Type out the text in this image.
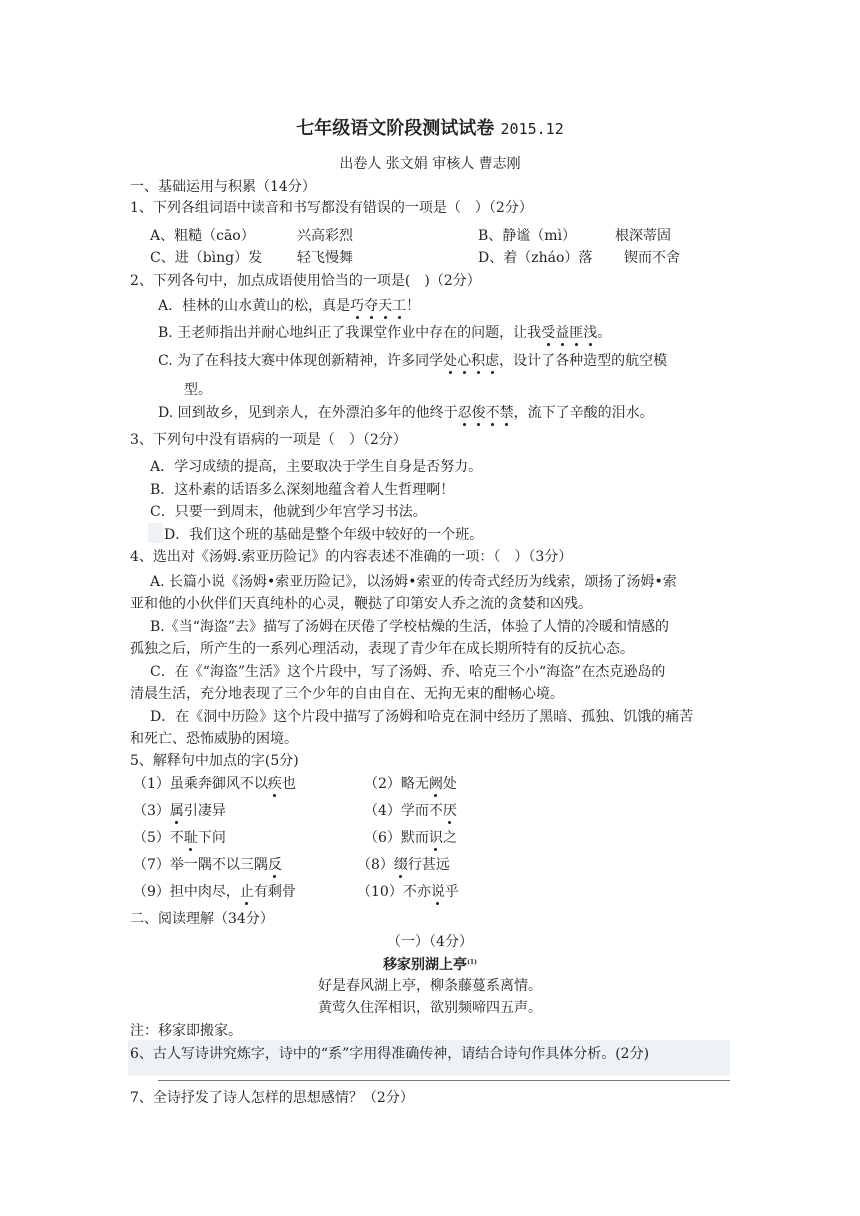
七年级语文阶段测试试卷 2015.12
出卷人 张文娟 审核人 曹志刚
一、基础运用与积累（14分）
1、下列各组词语中读音和书写都没有错误的一项是（　）（2分）
A、粗糙（cāo）	兴高彩烈	B、静谧（mì）	根深蒂固
C、进（bìng）发 轻飞慢舞	D、着（zháo）落 锲而不舍
2、下列各句中，加点成语使用恰当的一项是(　)（2分）
A．桂林的山水黄山的松，真是巧夺天工！
B. 王老师指出并耐心地纠正了我课堂作业中存在的问题，让我受益匪浅。
C. 为了在科技大赛中体现创新精神，许多同学处心积虑，设计了各种造型的航空模
型。
D. 回到故乡，见到亲人，在外漂泊多年的他终于忍俊不禁，流下了辛酸的泪水。
3、下列句中没有语病的一项是（　）（2分）
A．学习成绩的提高，主要取决于学生自身是否努力。
B．这朴素的话语多么深刻地蕴含着人生哲理啊！
C．只要一到周末，他就到少年宫学习书法。
D．我们这个班的基础是整个年级中较好的一个班。
4、选出对《汤姆.索亚历险记》的内容表述不准确的一项：（　）（3分）
A. 长篇小说《汤姆•索亚历险记》，以汤姆•索亚的传奇式经历为线索，颂扬了汤姆•索
亚和他的小伙伴们天真纯朴的心灵，鞭挞了印第安人乔之流的贪婪和凶残。
B.《当“海盗”去》描写了汤姆在厌倦了学校枯燥的生活，体验了人情的冷暖和情感的
孤独之后，所产生的一系列心理活动，表现了青少年在成长期所特有的反抗心态。
C．在《“海盗”生活》这个片段中，写了汤姆、乔、哈克三个小“海盗”在杰克逊岛的
清晨生活，充分地表现了三个少年的自由自在、无拘无束的酣畅心境。
D．在《洞中历险》这个片段中描写了汤姆和哈克在洞中经历了黑暗、孤独、饥饿的痛苦
和死亡、恐怖威胁的困境。
5、解释句中加点的字(5分)
（1）虽乘奔御风不以疾也	（2）略无阙处
（3）属引凄异	（4）学而不厌
（5）不耻下问	（6）默而识之
（7）举一隅不以三隅反	（8）缀行甚远
（9）担中肉尽，止有剩骨	（10）不亦说乎
二、阅读理解（34分）
（一）（4分）
移家别湖上亭$^{(1)}$
好是春风湖上亭，柳条藤蔓系离情。
黄莺久住浑相识，欲别频啼四五声。
注：移家即搬家。
6、古人写诗讲究炼字，诗中的“系”字用得准确传神，请结合诗句作具体分析。(2分)
7、全诗抒发了诗人怎样的思想感情？（2分）
